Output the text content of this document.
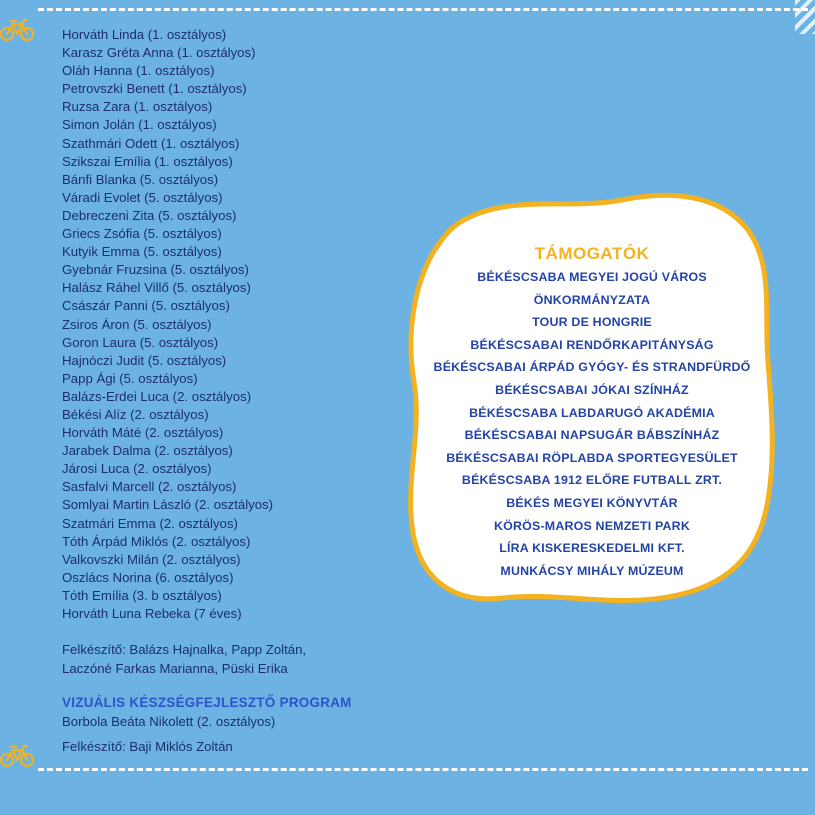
Horváth Linda (1. osztályos)
Karasz Gréta Anna (1. osztályos)
Oláh Hanna (1. osztályos)
Petrovszki Benett (1. osztályos)
Ruzsa Zara (1. osztályos)
Simon Jolán (1. osztályos)
Szathmári Odett (1. osztályos)
Szikszai Emília (1. osztályos)
Bánfi Blanka (5. osztályos)
Váradi Evolet (5. osztályos)
Debreczeni Zita (5. osztályos)
Griecs Zsófia (5. osztályos)
Kutyik Emma (5. osztályos)
Gyebnár Fruzsina (5. osztályos)
Halász Ráhel Villő (5. osztályos)
Császár Panni (5. osztályos)
Zsiros Áron (5. osztályos)
Goron Laura (5. osztályos)
Hajnóczi Judit (5. osztályos)
Papp Ági (5. osztályos)
Balázs-Erdei Luca (2. osztályos)
Békési Alíz (2. osztályos)
Horváth Máté (2. osztályos)
Jarabek Dalma (2. osztályos)
Járosi Luca (2. osztályos)
Sasfalvi Marcell (2. osztályos)
Somlyai Martin László (2. osztályos)
Szatmári Emma (2. osztályos)
Tóth Árpád Miklós (2. osztályos)
Valkovszki Milán (2. osztályos)
Oszlács Norina (6. osztályos)
Tóth Emília (3. b osztályos)
Horváth Luna Rebeka (7 éves)
Felkészítő: Balázs Hajnalka, Papp Zoltán,
Laczóné Farkas Marianna, Püski Erika
VIZUÁLIS KÉSZSÉGFEJLESZTŐ PROGRAM
Borbola Beáta Nikolett (2. osztályos)
Felkészítő: Baji Miklós Zoltán
TÁMOGATÓK
BÉKÉSCSABA MEGYEI JOGÚ VÁROS
ÖNKORMÁNYZATA
TOUR DE HONGRIE
BÉKÉSCSABAI RENDŐRKAPITÁNYSÁG
BÉKÉSCSABAI ÁRPÁD GYÓGY- ÉS STRANDFÜRDŐ
BÉKÉSCSABAI JÓKAI SZÍNHÁZ
BÉKÉSCSABA LABDARUGÓ AKADÉMIA
BÉKÉSCSABAI NAPSUGÁR BÁBSZÍNHÁZ
BÉKÉSCSABAI RÖPLABDA SPORTEGYESÜLET
BÉKÉSCSABA 1912 ELŐRE FUTBALL ZRT.
BÉKÉS MEGYEI KÖNYVTÁR
KÖRÖS-MAROS NEMZETI PARK
LÍRA KISKERESKEDELMI KFT.
MUNKÁCSY MIHÁLY MÚZEUM
